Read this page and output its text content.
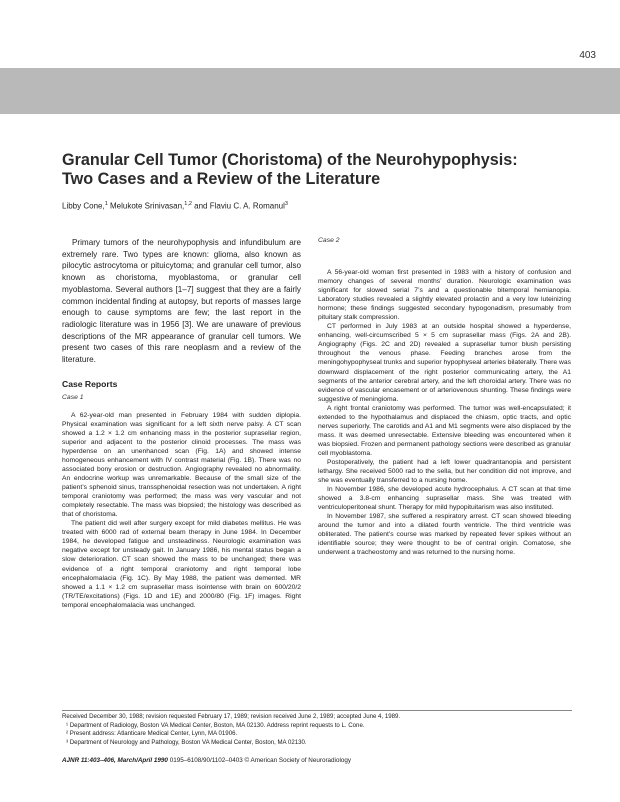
403
Granular Cell Tumor (Choristoma) of the Neurohypophysis:
Two Cases and a Review of the Literature
Libby Cone,$^1$ Melukote Srinivasan,$^{1,2}$ and Flaviu C. A. Romanul$^3$

Primary tumors of the neurohypophysis and infundibulum are extremely rare. Two types are known: glioma, also known as pilocytic astrocytoma or pituicytoma; and granular cell tumor, also known as choristoma, myoblastoma, or granular cell myoblastoma. Several authors [1–7] suggest that they are a fairly common incidental finding at autopsy, but reports of masses large enough to cause symptoms are few; the last report in the radiologic literature was in 1956 [3]. We are unaware of previous descriptions of the MR appearance of granular cell tumors. We present two cases of this rare neoplasm and a review of the literature.

Case Reports
Case 1

A 62-year-old man presented in February 1984 with sudden diplopia. Physical examination was significant for a left sixth nerve palsy. A CT scan showed a 1.2 × 1.2 cm enhancing mass in the posterior suprasellar region, superior and adjacent to the posterior clinoid processes. The mass was hyperdense on an unenhanced scan (Fig. 1A) and showed intense homogeneous enhancement with IV contrast material (Fig. 1B). There was no associated bony erosion or destruction. Angiography revealed no abnormality. An endocrine workup was unremarkable. Because of the small size of the patient’s sphenoid sinus, transsphenoidal resection was not undertaken. A right temporal craniotomy was performed; the mass was very vascular and not completely resectable. The mass was biopsied; the histology was described as that of choristoma.

The patient did well after surgery except for mild diabetes mellitus. He was treated with 6000 rad of external beam therapy in June 1984. In December 1984, he developed fatigue and unsteadiness. Neurologic examination was negative except for unsteady gait. In January 1986, his mental status began a slow deterioration. CT scan showed the mass to be unchanged; there was evidence of a right temporal craniotomy and right temporal lobe encephalomalacia (Fig. 1C). By May 1988, the patient was demented. MR showed a 1.1 × 1.2 cm suprasellar mass isointense with brain on 600/20/2 (TR/TE/excitations) (Figs. 1D and 1E) and 2000/80 (Fig. 1F) images. Right temporal encephalomalacia was unchanged.

Case 2

A 56-year-old woman first presented in 1983 with a history of confusion and memory changes of several months’ duration. Neurologic examination was significant for slowed serial 7’s and a questionable bitemporal hemianopia. Laboratory studies revealed a slightly elevated prolactin and a very low luteinizing hormone; these findings suggested secondary hypogonadism, presumably from pituitary stalk compression.

CT performed in July 1983 at an outside hospital showed a hyperdense, enhancing, well-circumscribed 5 × 5 cm suprasellar mass (Figs. 2A and 2B). Angiography (Figs. 2C and 2D) revealed a suprasellar tumor blush persisting throughout the venous phase. Feeding branches arose from the meningohypophyseal trunks and superior hypophyseal arteries bilaterally. There was downward displacement of the right posterior communicating artery, the A1 segments of the anterior cerebral artery, and the left choroidal artery. There was no evidence of vascular encasement or of arteriovenous shunting. These findings were suggestive of meningioma.

A right frontal craniotomy was performed. The tumor was well-encapsulated; it extended to the hypothalamus and displaced the chiasm, optic tracts, and optic nerves superiorly. The carotids and A1 and M1 segments were also displaced by the mass. It was deemed unresectable. Extensive bleeding was encountered when it was biopsied. Frozen and permanent pathology sections were described as granular cell myoblastoma.

Postoperatively, the patient had a left lower quadrantanopia and persistent lethargy. She received 5000 rad to the sella, but her condition did not improve, and she was eventually transferred to a nursing home.

In November 1986, she developed acute hydrocephalus. A CT scan at that time showed a 3.8-cm enhancing suprasellar mass. She was treated with ventriculoperitoneal shunt. Therapy for mild hypopituitarism was also instituted.

In November 1987, she suffered a respiratory arrest. CT scan showed bleeding around the tumor and into a dilated fourth ventricle. The third ventricle was obliterated. The patient’s course was marked by repeated fever spikes without an identifiable source; they were thought to be of central origin. Comatose, she underwent a tracheostomy and was returned to the nursing home.

Received December 30, 1988; revision requested February 17, 1989; revision received June 2, 1989; accepted June 4, 1989.

¹ Department of Radiology, Boston VA Medical Center, Boston, MA 02130. Address reprint requests to L. Cone.

² Present address: Atlanticare Medical Center, Lynn, MA 01906.

³ Department of Neurology and Pathology, Boston VA Medical Center, Boston, MA 02130.

AJNR 11:403–406, March/April 1990 0195–6108/90/1102–0403 © American Society of Neuroradiology
